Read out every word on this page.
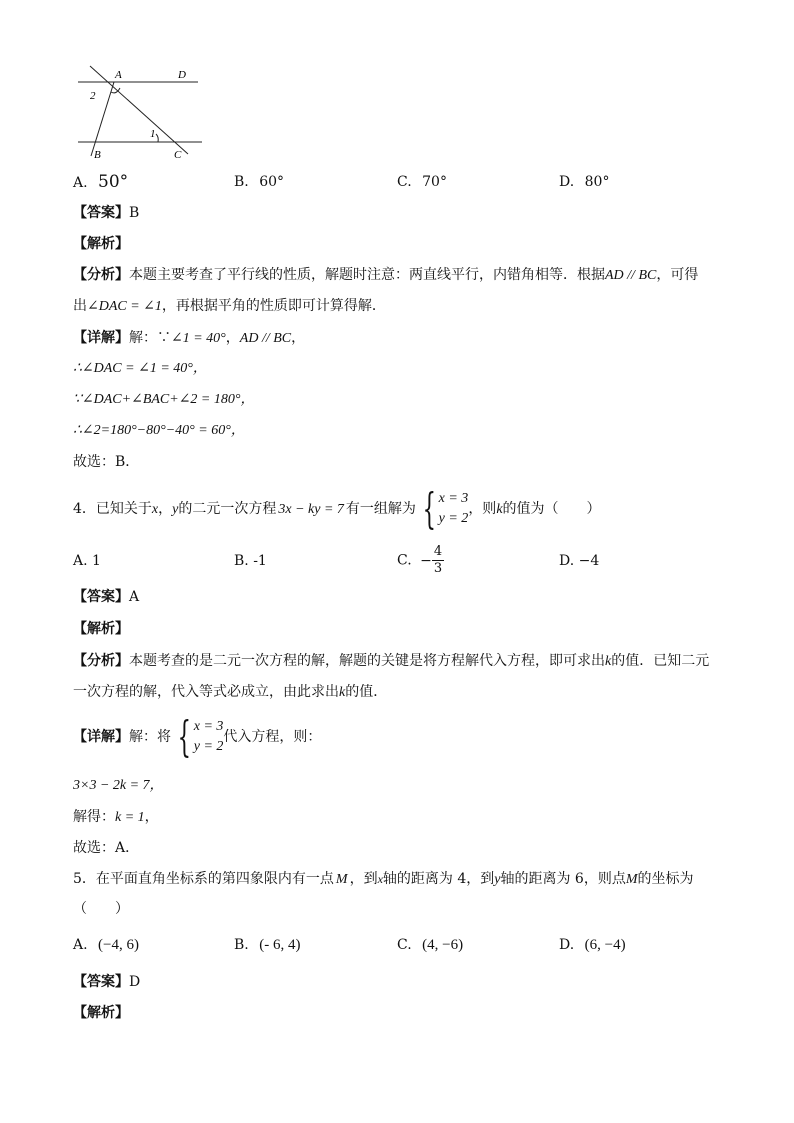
A	D
2
1
B	C
A. 50°	B. 60°	C. 70°	D. 80°
【答案】B
【解析】
【分析】本题主要考查了平行线的性质，解题时注意：两直线平行，内错角相等．根据AD // BC，可得
出∠DAC = ∠1，再根据平角的性质即可计算得解．
【详解】解：∵∠1 = 40°，AD // BC，
∴∠DAC = ∠1 = 40°，
∵∠DAC+∠BAC+∠2 = 180°，
∴∠2=180°−80°−40° = 60°，
故选：B．
4．已知关于x，y的二元一次方程 3x − ky = 7 有一组解为 { x = 3
y = 2
，则k的值为（　　）
A. 1	B. -1	C. − $\frac{4}{3}$	D. −4
【答案】A
【解析】
【分析】本题考查的是二元一次方程的解，解题的关键是将方程解代入方程，即可求出k的值．已知二元
一次方程的解，代入等式必成立，由此求出k的值．
【详解】解：将 { x = 3
y = 2
代入方程，则：
3×3 − 2k = 7，
解得：k = 1，
故选：A．
5．在平面直角坐标系的第四象限内有一点 M ，到x轴的距离为 4，到y轴的距离为 6，则点M的坐标为
（　　）
A. (−4, 6)	B. (- 6, 4)	C. (4, −6)	D. (6, −4)
【答案】D
【解析】
